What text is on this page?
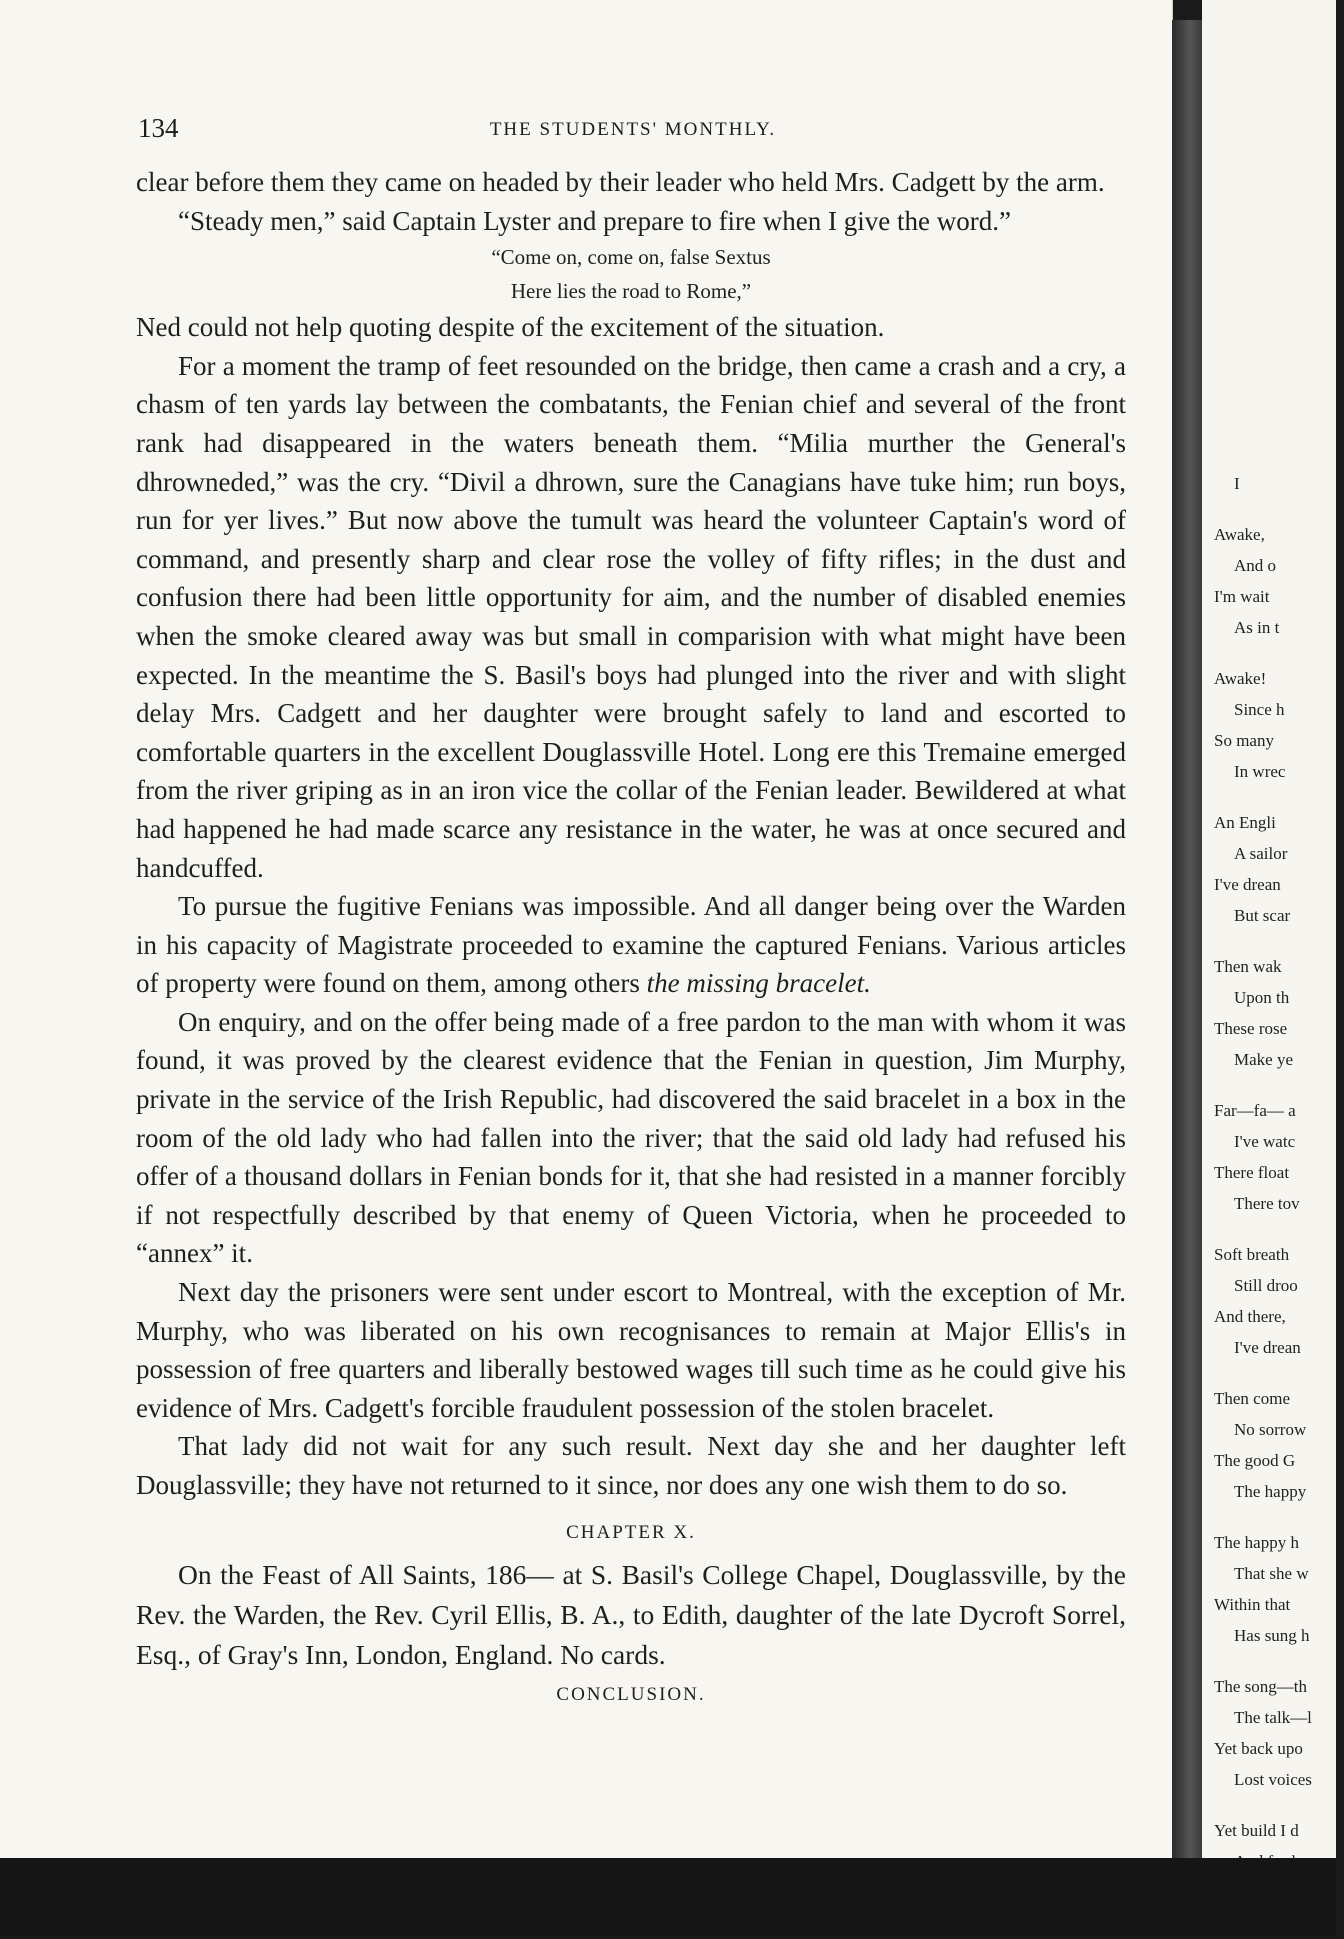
134	THE STUDENTS' MONTHLY.

clear before them they came on headed by their leader who held Mrs. Cadgett by the arm.

“Steady men,” said Captain Lyster and prepare to fire when I give the word.”

“Come on, come on, false Sextus
Here lies the road to Rome,”

Ned could not help quoting despite of the excitement of the situation.

For a moment the tramp of feet resounded on the bridge, then came a crash and a cry, a chasm of ten yards lay between the combatants, the Fenian chief and several of the front rank had disappeared in the waters beneath them. “Milia murther the General's dhrowneded,” was the cry. “Divil a dhrown, sure the Canagians have tuke him; run boys, run for yer lives.” But now above the tumult was heard the volunteer Captain's word of command, and presently sharp and clear rose the volley of fifty rifles; in the dust and confusion there had been little opportunity for aim, and the number of disabled enemies when the smoke cleared away was but small in comparision with what might have been expected. In the meantime the S. Basil's boys had plunged into the river and with slight delay Mrs. Cadgett and her daughter were brought safely to land and escorted to comfortable quarters in the excellent Douglassville Hotel. Long ere this Tremaine emerged from the river griping as in an iron vice the collar of the Fenian leader. Bewildered at what had happened he had made scarce any resistance in the water, he was at once secured and handcuffed.

To pursue the fugitive Fenians was impossible. And all danger being over the Warden in his capacity of Magistrate proceeded to examine the captured Fenians. Various articles of property were found on them, among others the missing bracelet.

On enquiry, and on the offer being made of a free pardon to the man with whom it was found, it was proved by the clearest evidence that the Fenian in question, Jim Murphy, private in the service of the Irish Republic, had discovered the said bracelet in a box in the room of the old lady who had fallen into the river; that the said old lady had refused his offer of a thousand dollars in Fenian bonds for it, that she had resisted in a manner forcibly if not respectfully described by that enemy of Queen Victoria, when he proceeded to “annex” it.

Next day the prisoners were sent under escort to Montreal, with the exception of Mr. Murphy, who was liberated on his own recognisances to remain at Major Ellis's in possession of free quarters and liberally bestowed wages till such time as he could give his evidence of Mrs. Cadgett's forcible fraudulent possession of the stolen bracelet.

That lady did not wait for any such result. Next day she and her daughter left Douglassville; they have not returned to it since, nor does any one wish them to do so.

CHAPTER X.

On the Feast of All Saints, 186— at S. Basil's College Chapel, Douglassville, by the Rev. the Warden, the Rev. Cyril Ellis, B. A., to Edith, daughter of the late Dycroft Sorrel, Esq., of Gray's Inn, London, England. No cards.

CONCLUSION.
I
Awake,
And o
I'm wait
As in t
Awake!
Since h
So many
In wrec
An Engli
A sailor
I've drean
But scar
Then wak
Upon th
These rose
Make ye
Far—fa— a
I've watc
There float
There tov
Soft breath
Still droo
And there,
I've drean
Then come
No sorrow
The good G
The happy
The happy h
That she w
Within that
Has sung h
The song—th
The talk—l
Yet back upo
Lost voices
Yet build I d
